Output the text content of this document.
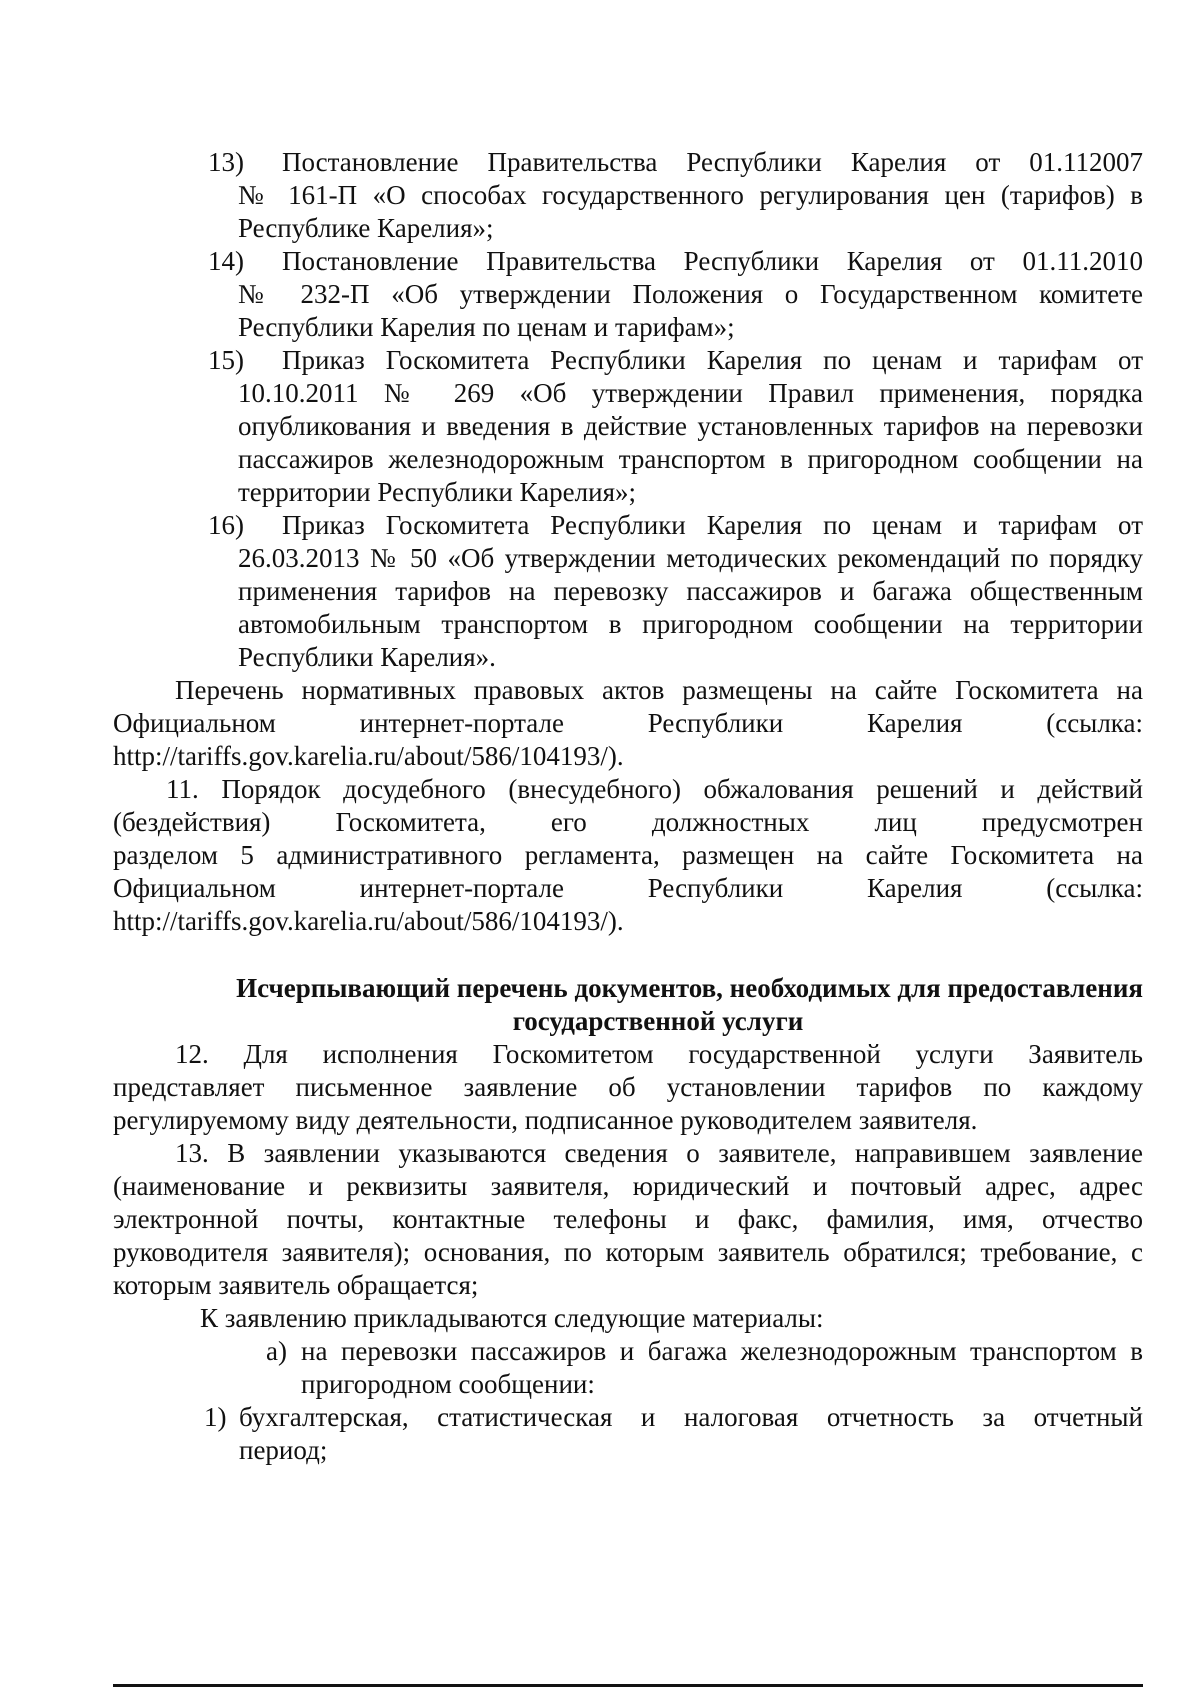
13) Постановление Правительства Республики Карелия от 01.112007
№ 161-П «О способах государственного регулирования цен (тарифов) в Республике Карелия»;
14) Постановление Правительства Республики Карелия от 01.11.2010
№ 232-П «Об утверждении Положения о Государственном комитете Республики Карелия по ценам и тарифам»;
15) Приказ Госкомитета Республики Карелия по ценам и тарифам от
10.10.2011 № 269 «Об утверждении Правил применения, порядка опубликования и введения в действие установленных тарифов на перевозки пассажиров железнодорожным транспортом в пригородном сообщении на территории Республики Карелия»;
16) Приказ Госкомитета Республики Карелия по ценам и тарифам от
26.03.2013 № 50 «Об утверждении методических рекомендаций по порядку применения тарифов на перевозку пассажиров и багажа общественным автомобильным транспортом в пригородном сообщении на территории Республики Карелия».
Перечень нормативных правовых актов размещены на сайте Госкомитета на
Официальном интернет-портале Республики Карелия (ссылка:
http://tariffs.gov.karelia.ru/about/586/104193/).
11. Порядок досудебного (внесудебного) обжалования решений и действий
(бездействия) Госкомитета, его должностных лиц предусмотрен
разделом 5 административного регламента, размещен на сайте Госкомитета на
Официальном интернет-портале Республики Карелия (ссылка:
http://tariffs.gov.karelia.ru/about/586/104193/).
Исчерпывающий перечень документов, необходимых для предоставления
государственной услуги
12. Для исполнения Госкомитетом государственной услуги Заявитель
представляет письменное заявление об установлении тарифов по каждому
регулируемому виду деятельности, подписанное руководителем заявителя.
13. В заявлении указываются сведения о заявителе, направившем заявление
(наименование и реквизиты заявителя, юридический и почтовый адрес, адрес
электронной почты, контактные телефоны и факс, фамилия, имя, отчество
руководителя заявителя); основания, по которым заявитель обратился; требование, с
которым заявитель обращается;
К заявлению прикладываются следующие материалы:
а) на перевозки пассажиров и багажа железнодорожным транспортом в
пригородном сообщении:
1) бухгалтерская, статистическая и налоговая отчетность за отчетный
период;
